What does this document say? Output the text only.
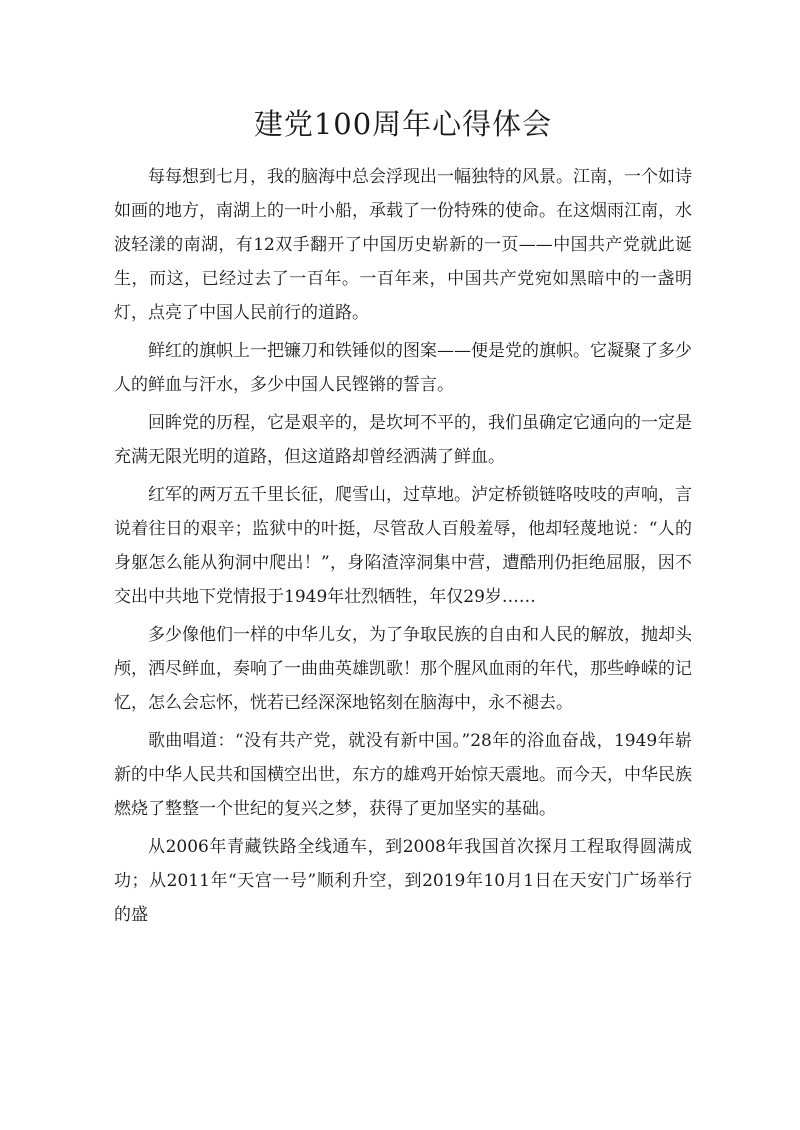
建党100周年心得体会

每每想到七月，我的脑海中总会浮现出一幅独特的风景。江南，一个如诗如画的地方，南湖上的一叶小船，承载了一份特殊的使命。在这烟雨江南，水波轻漾的南湖，有12双手翻开了中国历史崭新的一页——中国共产党就此诞生，而这，已经过去了一百年。一百年来，中国共产党宛如黑暗中的一盏明灯，点亮了中国人民前行的道路。

鲜红的旗帜上一把镰刀和铁锤似的图案——便是党的旗帜。它凝聚了多少人的鲜血与汗水，多少中国人民铿锵的誓言。

回眸党的历程，它是艰辛的，是坎坷不平的，我们虽确定它通向的一定是充满无限光明的道路，但这道路却曾经洒满了鲜血。

红军的两万五千里长征，爬雪山，过草地。泸定桥锁链咯吱吱的声响，言说着往日的艰辛；监狱中的叶挺，尽管敌人百般羞辱，他却轻蔑地说：“人的身躯怎么能从狗洞中爬出！”，身陷渣滓洞集中营，遭酷刑仍拒绝屈服，因不交出中共地下党情报于1949年壮烈牺牲，年仅29岁……

多少像他们一样的中华儿女，为了争取民族的自由和人民的解放，抛却头颅，洒尽鲜血，奏响了一曲曲英雄凯歌！那个腥风血雨的年代，那些峥嵘的记忆，怎么会忘怀，恍若已经深深地铭刻在脑海中，永不褪去。

歌曲唱道：“没有共产党，就没有新中国。”28年的浴血奋战，1949年崭新的中华人民共和国横空出世，东方的雄鸡开始惊天震地。而今天，中华民族燃烧了整整一个世纪的复兴之梦，获得了更加坚实的基础。

从2006年青藏铁路全线通车，到2008年我国首次探月工程取得圆满成功；从2011年“天宫一号”顺利升空，到2019年10月1日在天安门广场举行的盛
